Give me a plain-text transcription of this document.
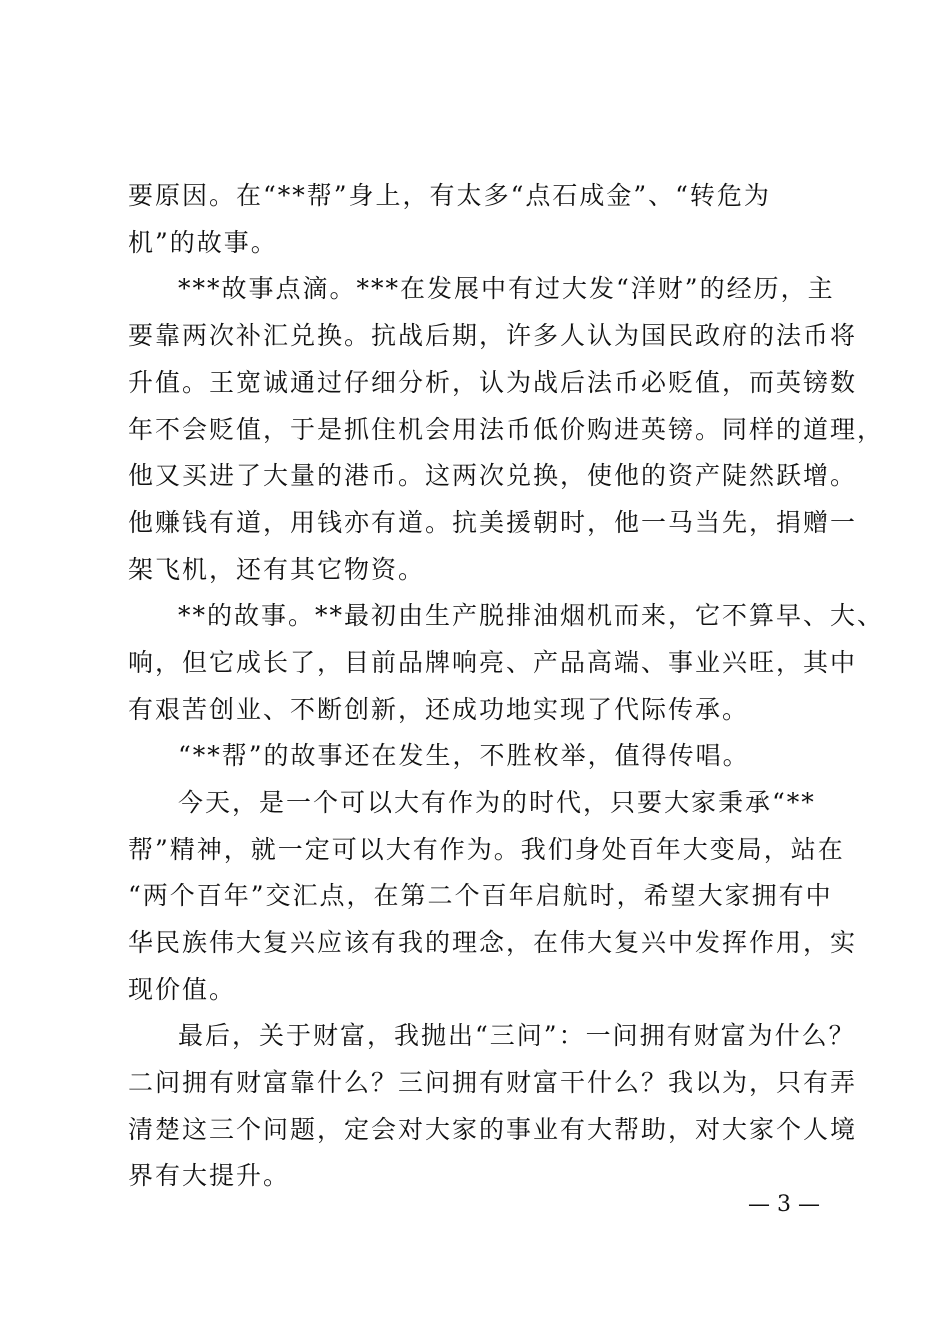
要原因。在“**帮”身上，有太多“点石成金”、“转危为
机”的故事。
***故事点滴。***在发展中有过大发“洋财”的经历，主
要靠两次补汇兑换。抗战后期，许多人认为国民政府的法币将
升值。王宽诚通过仔细分析，认为战后法币必贬值，而英镑数
年不会贬值，于是抓住机会用法币低价购进英镑。同样的道理，
他又买进了大量的港币。这两次兑换，使他的资产陡然跃增。
他赚钱有道，用钱亦有道。抗美援朝时，他一马当先，捐赠一
架飞机，还有其它物资。
**的故事。**最初由生产脱排油烟机而来，它不算早、大、
响，但它成长了，目前品牌响亮、产品高端、事业兴旺，其中
有艰苦创业、不断创新，还成功地实现了代际传承。
“**帮”的故事还在发生，不胜枚举，值得传唱。
今天，是一个可以大有作为的时代，只要大家秉承“**
帮”精神，就一定可以大有作为。我们身处百年大变局，站在
“两个百年”交汇点，在第二个百年启航时，希望大家拥有中
华民族伟大复兴应该有我的理念，在伟大复兴中发挥作用，实
现价值。
最后，关于财富，我抛出“三问”：一问拥有财富为什么？
二问拥有财富靠什么？三问拥有财富干什么？我以为，只有弄
清楚这三个问题，定会对大家的事业有大帮助，对大家个人境
界有大提升。
— 3 —
